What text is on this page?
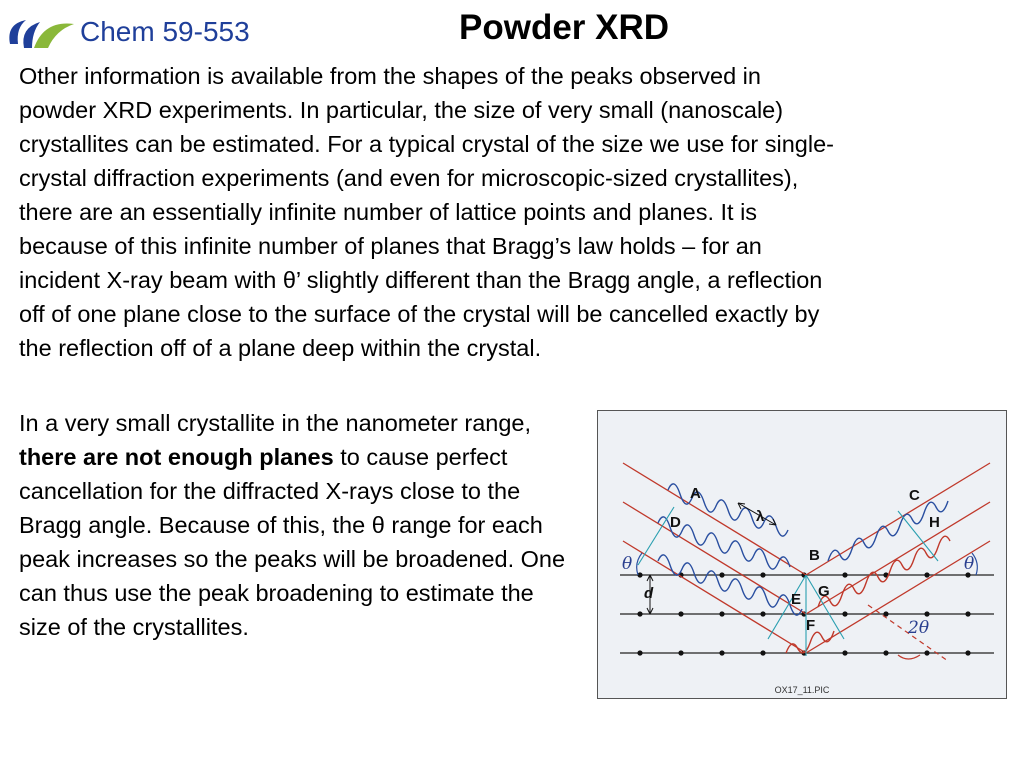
Chem 59-553	Powder XRD

Other information is available from the shapes of the peaks observed in
powder XRD experiments. In particular, the size of very small (nanoscale)
crystallites can be estimated. For a typical crystal of the size we use for single-
crystal diffraction experiments (and even for microscopic-sized crystallites),
there are an essentially infinite number of lattice points and planes. It is
because of this infinite number of planes that Bragg’s law holds – for an
incident X-ray beam with θ’ slightly different than the Bragg angle, a reflection
off of one plane close to the surface of the crystal will be cancelled exactly by
the reflection off of a plane deep within the crystal.

In a very small crystallite in the nanometer range, there are not enough planes to cause perfect cancellation for the diffracted X-rays close to the Bragg angle. Because of this, the θ range for each peak increases so the peaks will be broadened. One can thus use the peak broadening to estimate the size of the crystallites.

A
D	λ
C
H
B
G
E
F
d
2θ
θ	θ
OX17_11.PIC
